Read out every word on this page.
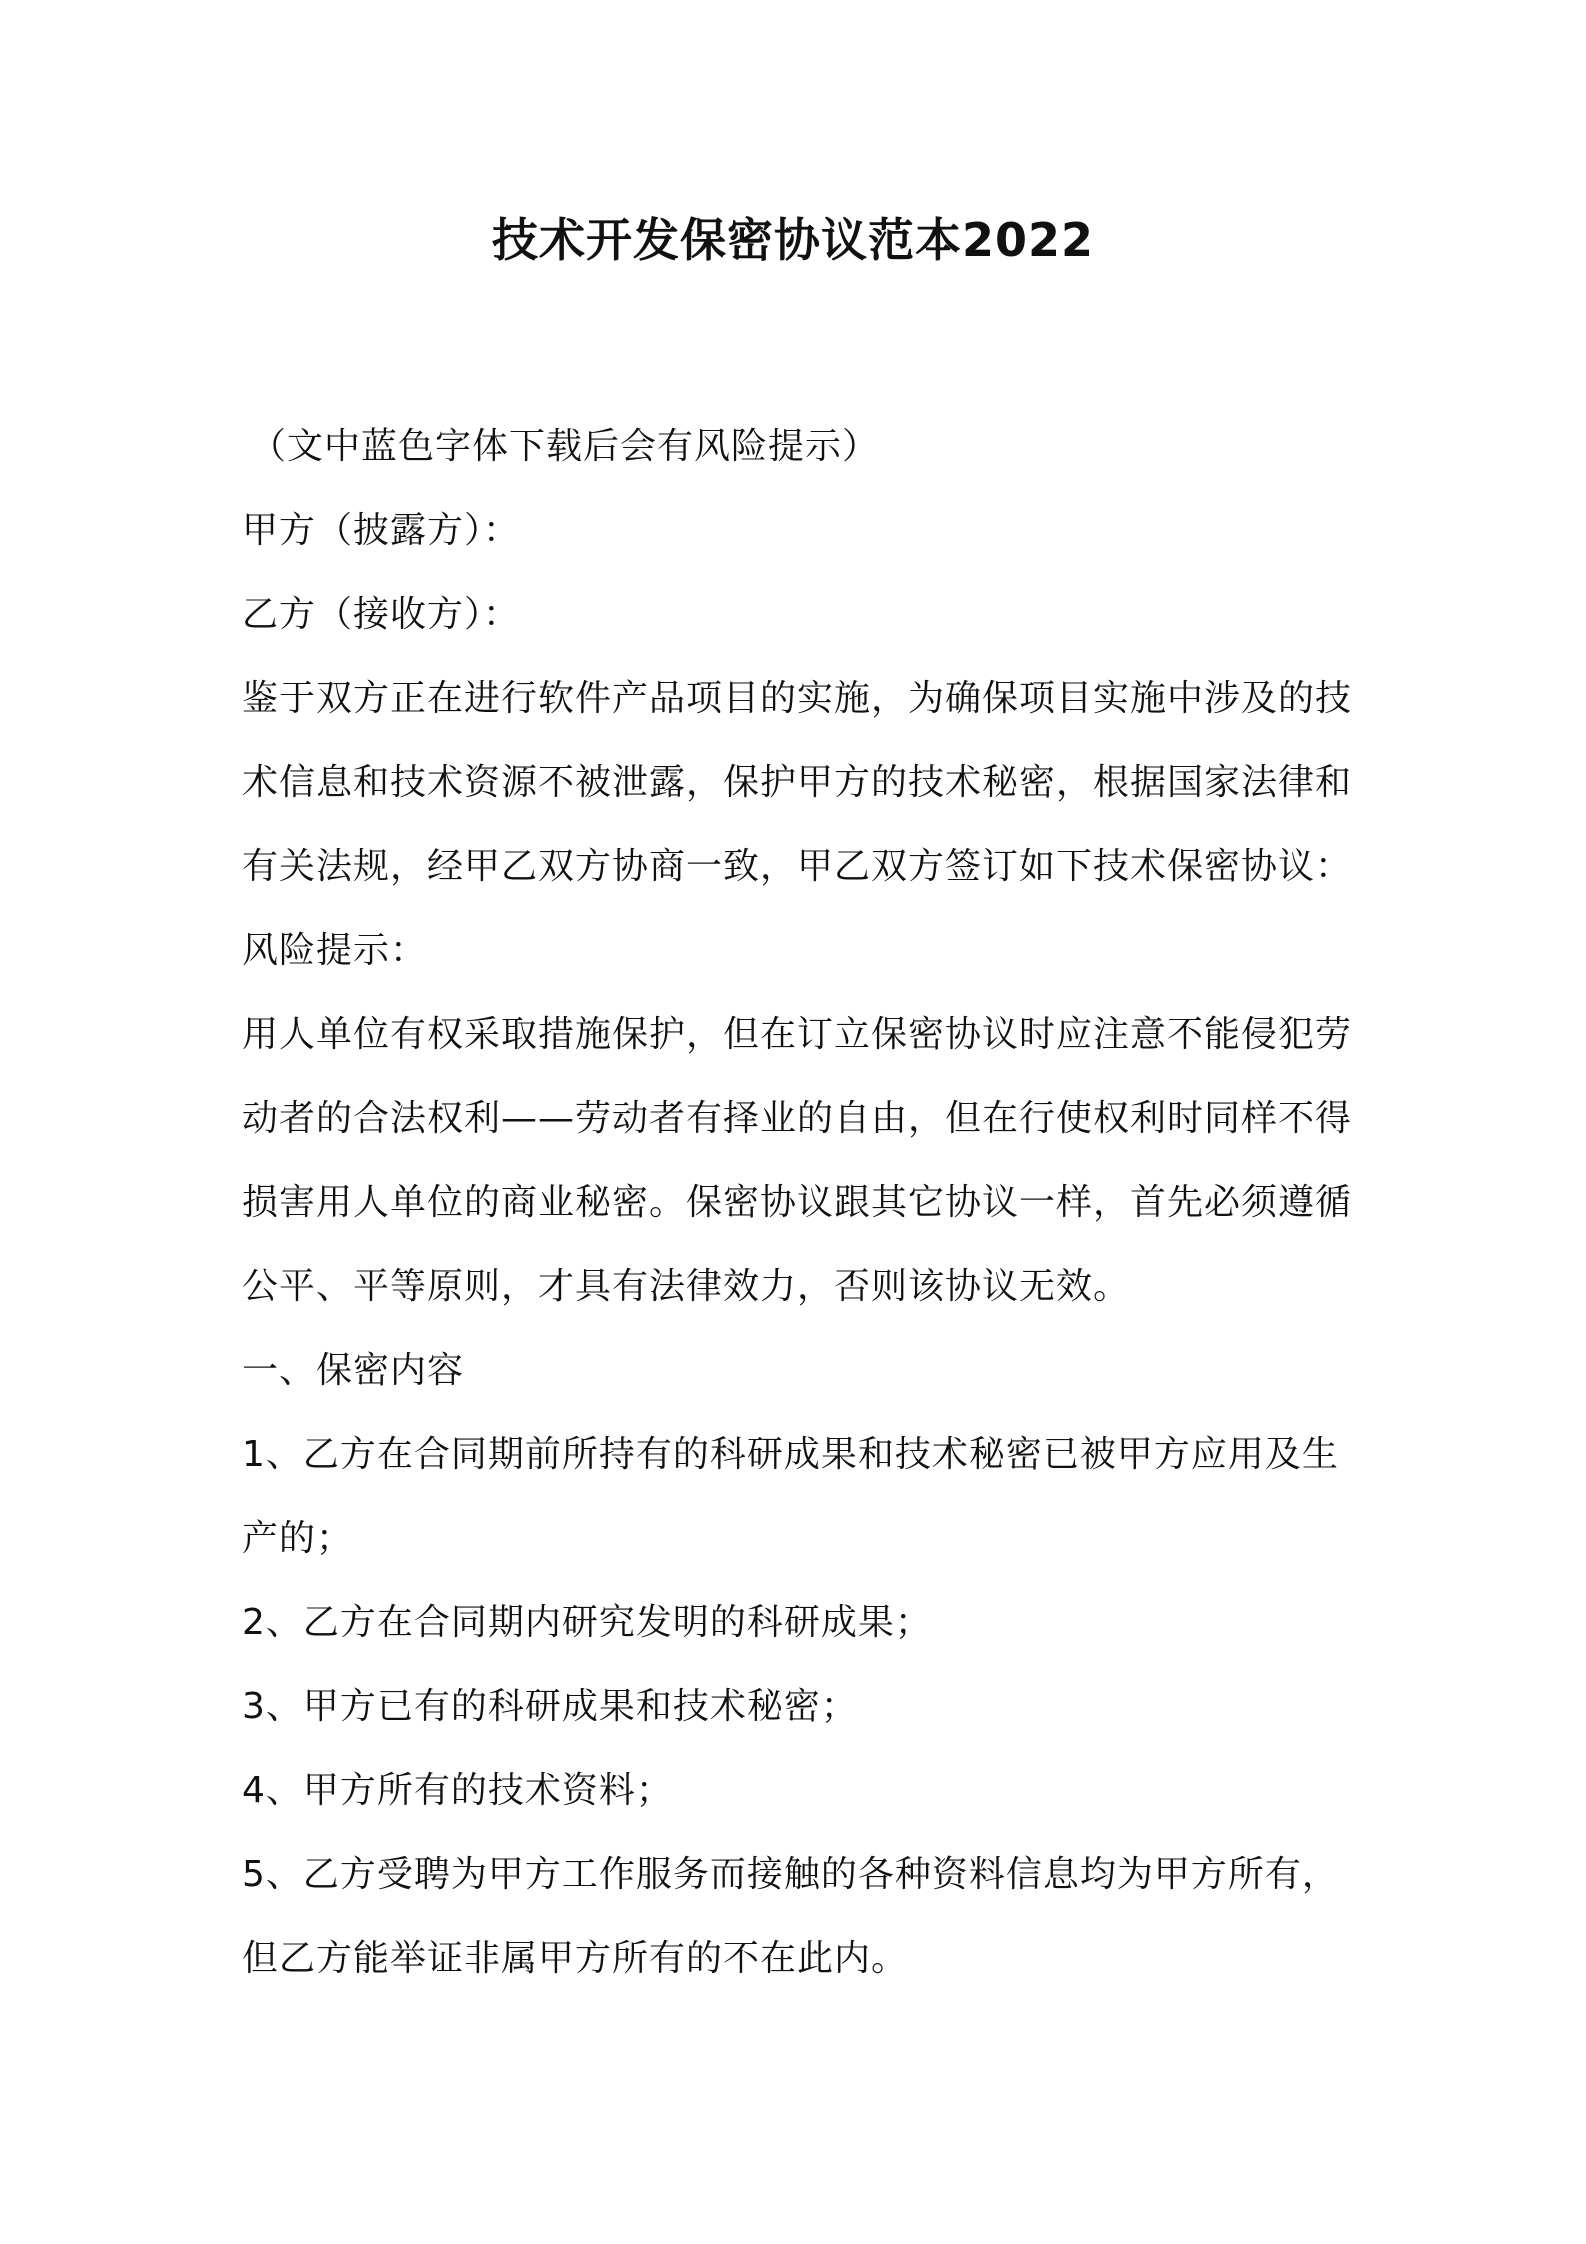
技术开发保密协议范本2022
（文中蓝色字体下载后会有风险提示）
甲方（披露方）：
乙方（接收方）：
鉴于双方正在进行软件产品项目的实施，为确保项目实施中涉及的技
术信息和技术资源不被泄露，保护甲方的技术秘密，根据国家法律和
有关法规，经甲乙双方协商一致，甲乙双方签订如下技术保密协议：
风险提示：
用人单位有权采取措施保护，但在订立保密协议时应注意不能侵犯劳
动者的合法权利——劳动者有择业的自由，但在行使权利时同样不得
损害用人单位的商业秘密。保密协议跟其它协议一样，首先必须遵循
公平、平等原则，才具有法律效力，否则该协议无效。
一、保密内容
1、乙方在合同期前所持有的科研成果和技术秘密已被甲方应用及生
产的；
2、乙方在合同期内研究发明的科研成果；
3、甲方已有的科研成果和技术秘密；
4、甲方所有的技术资料；
5、乙方受聘为甲方工作服务而接触的各种资料信息均为甲方所有，
但乙方能举证非属甲方所有的不在此内。
